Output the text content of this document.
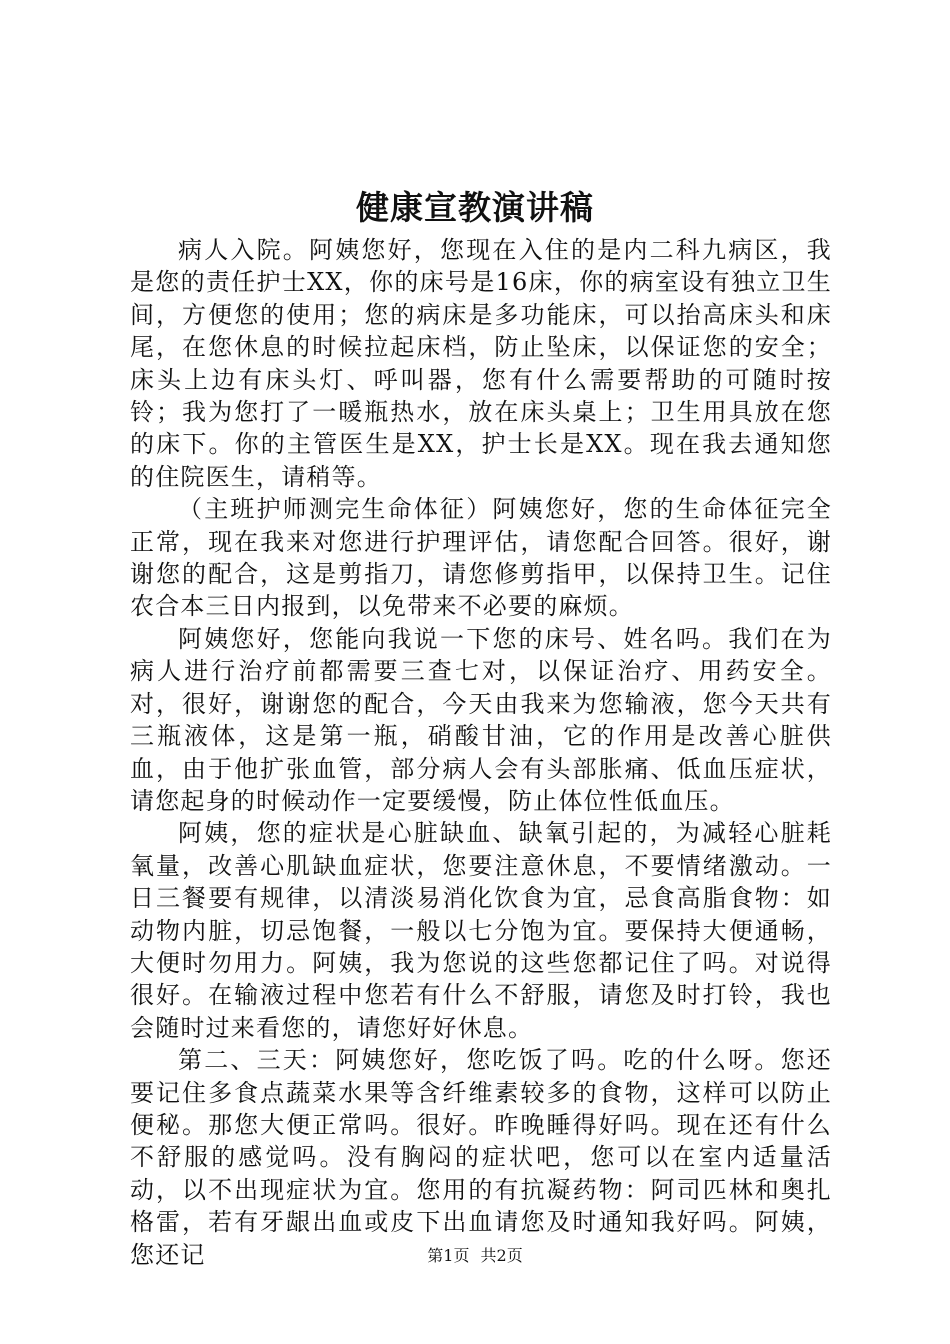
健康宣教演讲稿

病人入院。阿姨您好，您现在入住的是内二科九病区，我是您的责任护士XX，你的床号是16床，你的病室设有独立卫生间，方便您的使用；您的病床是多功能床，可以抬高床头和床尾，在您休息的时候拉起床档，防止坠床，以保证您的安全；床头上边有床头灯、呼叫器，您有什么需要帮助的可随时按铃；我为您打了一暖瓶热水，放在床头桌上；卫生用具放在您的床下。你的主管医生是XX，护士长是XX。现在我去通知您的住院医生，请稍等。

（主班护师测完生命体征）阿姨您好，您的生命体征完全正常，现在我来对您进行护理评估，请您配合回答。很好，谢谢您的配合，这是剪指刀，请您修剪指甲，以保持卫生。记住农合本三日内报到，以免带来不必要的麻烦。

阿姨您好，您能向我说一下您的床号、姓名吗。我们在为病人进行治疗前都需要三查七对，以保证治疗、用药安全。对，很好，谢谢您的配合，今天由我来为您输液，您今天共有三瓶液体，这是第一瓶，硝酸甘油，它的作用是改善心脏供血，由于他扩张血管，部分病人会有头部胀痛、低血压症状，请您起身的时候动作一定要缓慢，防止体位性低血压。

阿姨，您的症状是心脏缺血、缺氧引起的，为减轻心脏耗氧量，改善心肌缺血症状，您要注意休息，不要情绪激动。一日三餐要有规律，以清淡易消化饮食为宜，忌食高脂食物：如动物内脏，切忌饱餐，一般以七分饱为宜。要保持大便通畅，大便时勿用力。阿姨，我为您说的这些您都记住了吗。对说得很好。在输液过程中您若有什么不舒服，请您及时打铃，我也会随时过来看您的，请您好好休息。

第二、三天：阿姨您好，您吃饭了吗。吃的什么呀。您还要记住多食点蔬菜水果等含纤维素较多的食物，这样可以防止便秘。那您大便正常吗。很好。昨晚睡得好吗。现在还有什么不舒服的感觉吗。没有胸闷的症状吧，您可以在室内适量活动，以不出现症状为宜。您用的有抗凝药物：阿司匹林和奥扎格雷，若有牙龈出血或皮下出血请您及时通知我好吗。阿姨，您还记	第1页 共2页
